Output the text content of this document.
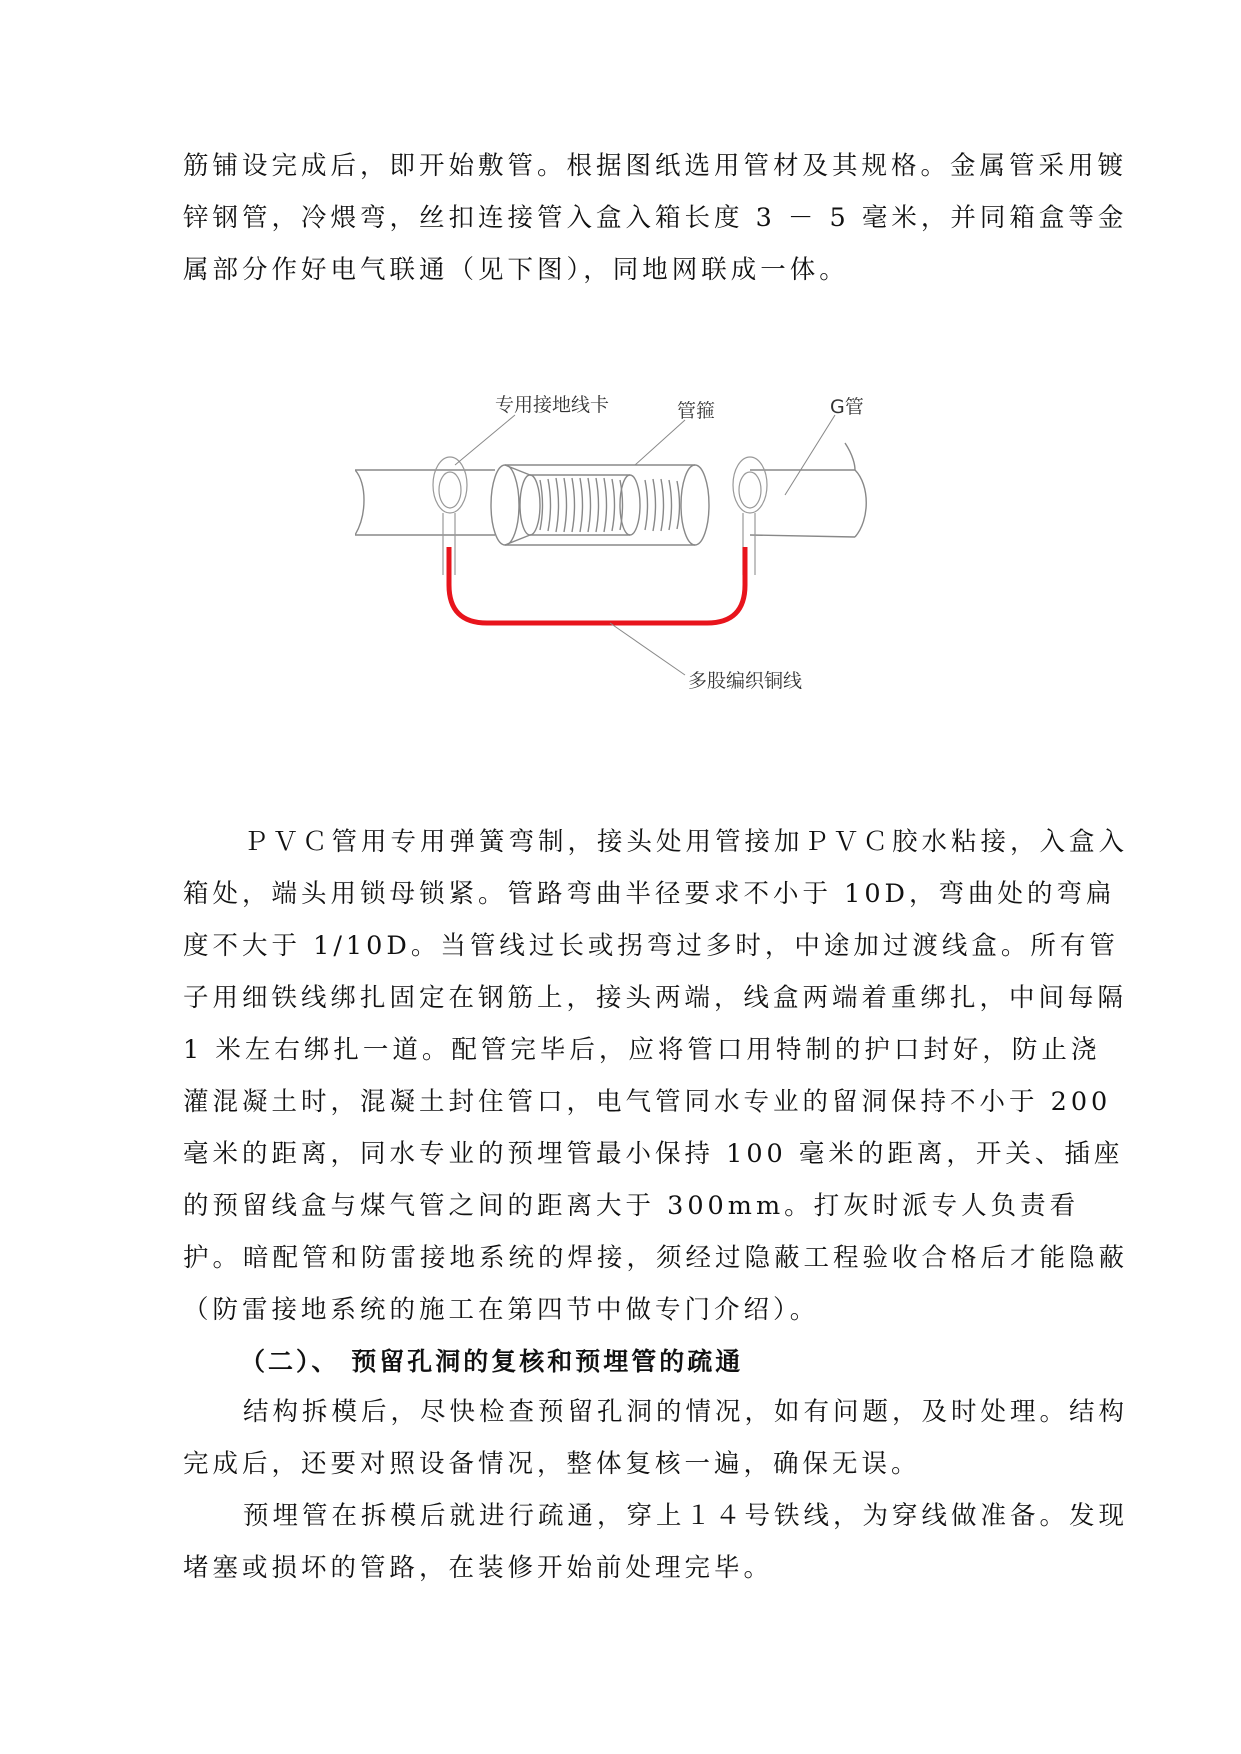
筋铺设完成后，即开始敷管。根据图纸选用管材及其规格。金属管采用镀锌钢管，冷煨弯，丝扣连接管入盒入箱长度 3 － 5 毫米，并同箱盒等金属部分作好电气联通（见下图），同地网联成一体。

专用接地线卡	管箍	G管
多股编织铜线

ＰＶＣ管用专用弹簧弯制，接头处用管接加ＰＶＣ胶水粘接，入盒入箱处，端头用锁母锁紧。管路弯曲半径要求不小于 10D，弯曲处的弯扁度不大于 1/10D。当管线过长或拐弯过多时，中途加过渡线盒。所有管子用细铁线绑扎固定在钢筋上，接头两端，线盒两端着重绑扎，中间每隔 1 米左右绑扎一道。配管完毕后，应将管口用特制的护口封好，防止浇灌混凝土时，混凝土封住管口，电气管同水专业的留洞保持不小于 200 毫米的距离，同水专业的预埋管最小保持 100 毫米的距离，开关、插座的预留线盒与煤气管之间的距离大于 300mm。打灰时派专人负责看护。 暗配管和防雷接地系统的焊接，须经过隐蔽工程验收合格后才能隐蔽（防雷接地系统的施工在第四节中做专门介绍）。

（二）、 预留孔洞的复核和预埋管的疏通

结构拆模后，尽快检查预留孔洞的情况，如有问题，及时处理。结构完成后，还要对照设备情况，整体复核一遍，确保无误。

预埋管在拆模后就进行疏通，穿上１４号铁线，为穿线做准备。发现堵塞或损坏的管路，在装修开始前处理完毕。
